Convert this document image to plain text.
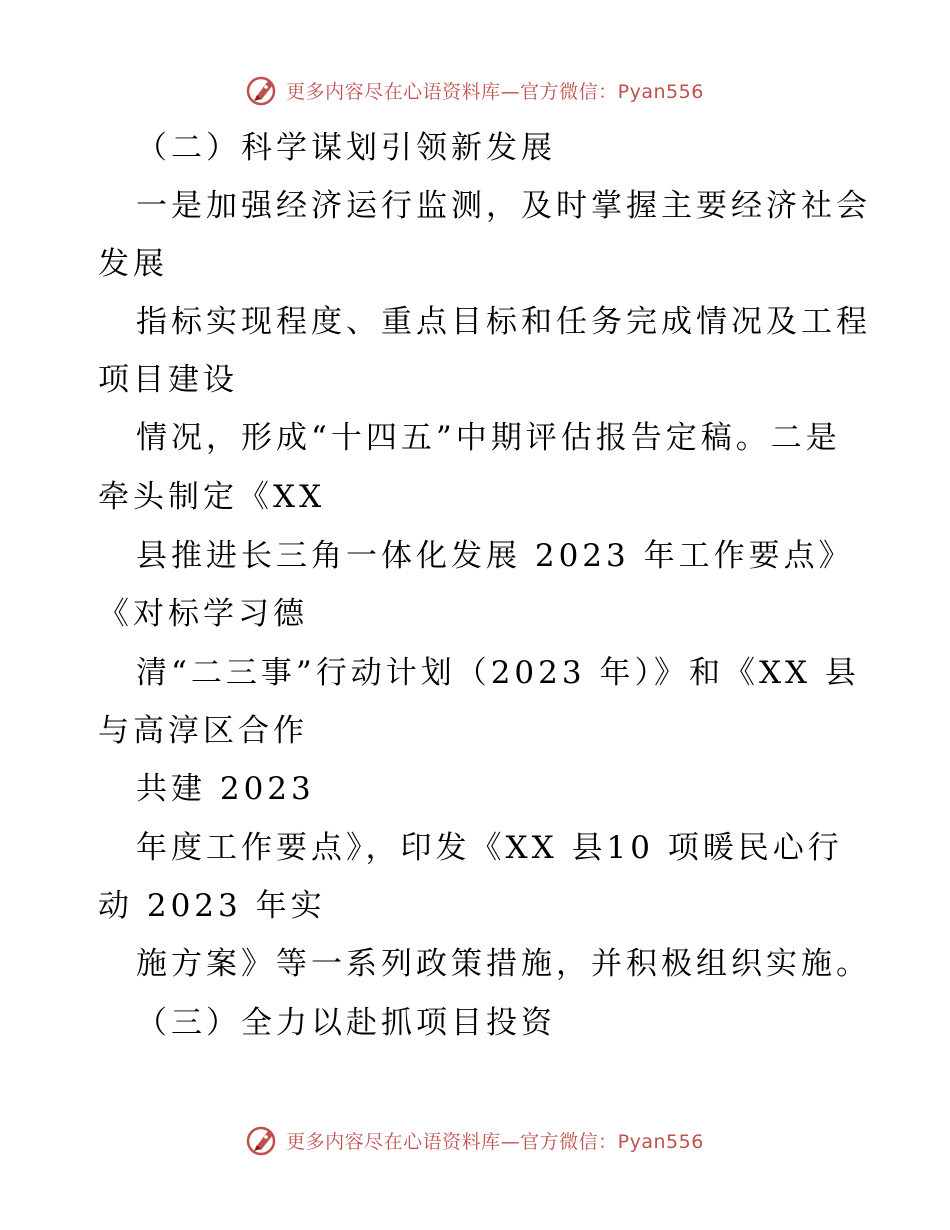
更多内容尽在心语资料库—官方微信：Pyan556
（二）科学谋划引领新发展
一是加强经济运行监测，及时掌握主要经济社会
发展
指标实现程度、重点目标和任务完成情况及工程
项目建设
情况，形成“十四五”中期评估报告定稿。二是
牵头制定《XX
县推进长三角一体化发展 2023 年工作要点》
《对标学习德
清“二三事”行动计划（2023 年）》和《XX 县
与高淳区合作
共建 2023
年度工作要点》，印发《XX 县10 项暖民心行
动 2023 年实
施方案》等一系列政策措施，并积极组织实施。
（三）全力以赴抓项目投资
更多内容尽在心语资料库—官方微信：Pyan556
